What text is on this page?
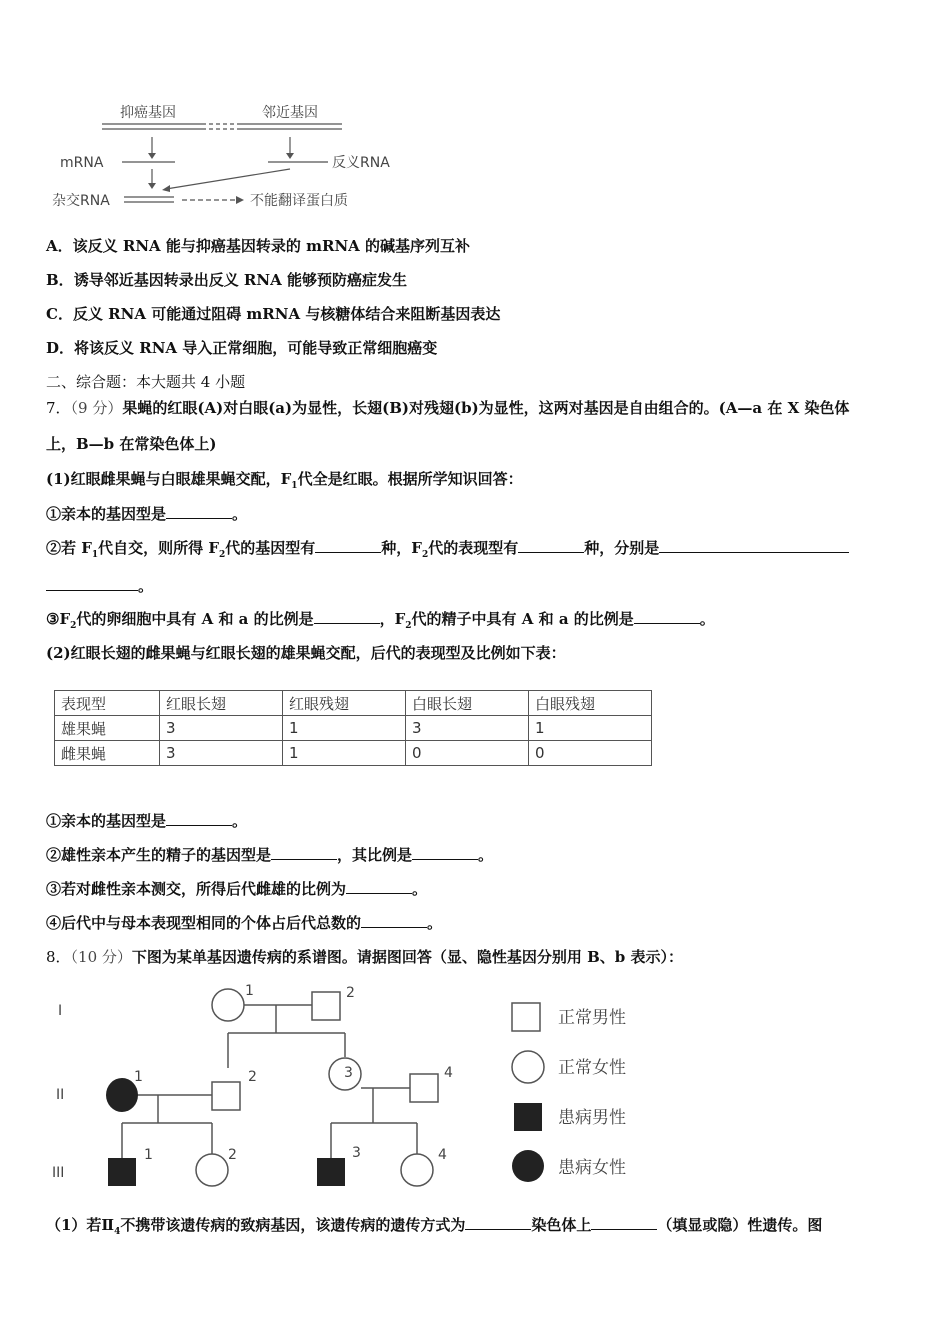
抑癌基因	邻近基因
mRNA	反义RNA
杂交RNA	不能翻译蛋白质
A．该反义 RNA 能与抑癌基因转录的 mRNA 的碱基序列互补
B．诱导邻近基因转录出反义 RNA 能够预防癌症发生
C．反义 RNA 可能通过阻碍 mRNA 与核糖体结合来阻断基因表达
D．将该反义 RNA 导入正常细胞，可能导致正常细胞癌变
二、综合题：本大题共 4 小题
7．（9 分）果蝇的红眼(A)对白眼(a)为显性，长翅(B)对残翅(b)为显性，这两对基因是自由组合的。(A—a 在 X 染色体
上，B—b 在常染色体上)
(1)红眼雌果蝇与白眼雄果蝇交配，$F_1$代全是红眼。根据所学知识回答：
①亲本的基因型是	。
②若 $F_1$代自交，则所得 $F_2$代的基因型有	种，$F_2$代的表现型有	种，分别是
。
$③F_2$代的卵细胞中具有 A 和 a 的比例是	，$F_2$代的精子中具有 A 和 a 的比例是	。
(2)红眼长翅的雌果蝇与红眼长翅的雄果蝇交配，后代的表现型及比例如下表：
表现型	红眼长翅	红眼残翅	白眼长翅	白眼残翅
雄果蝇	3	1	3	1
雌果蝇	3	1	0	0
①亲本的基因型是	。
②雄性亲本产生的精子的基因型是	，其比例是	。
③若对雌性亲本测交，所得后代雌雄的比例为	。
④后代中与母本表现型相同的个体占后代总数的	。
8．（10 分）下图为某单基因遗传病的系谱图。请据图回答（显、隐性基因分别用 B、b 表示）：
I
II
III
1	2
1	2	3	4
1	2	3	4
正常男性
正常女性
患病男性
患病女性
（1）若$Ⅱ_4$不携带该遗传病的致病基因，该遗传病的遗传方式为	染色体上	（填显或隐）性遗传。图
